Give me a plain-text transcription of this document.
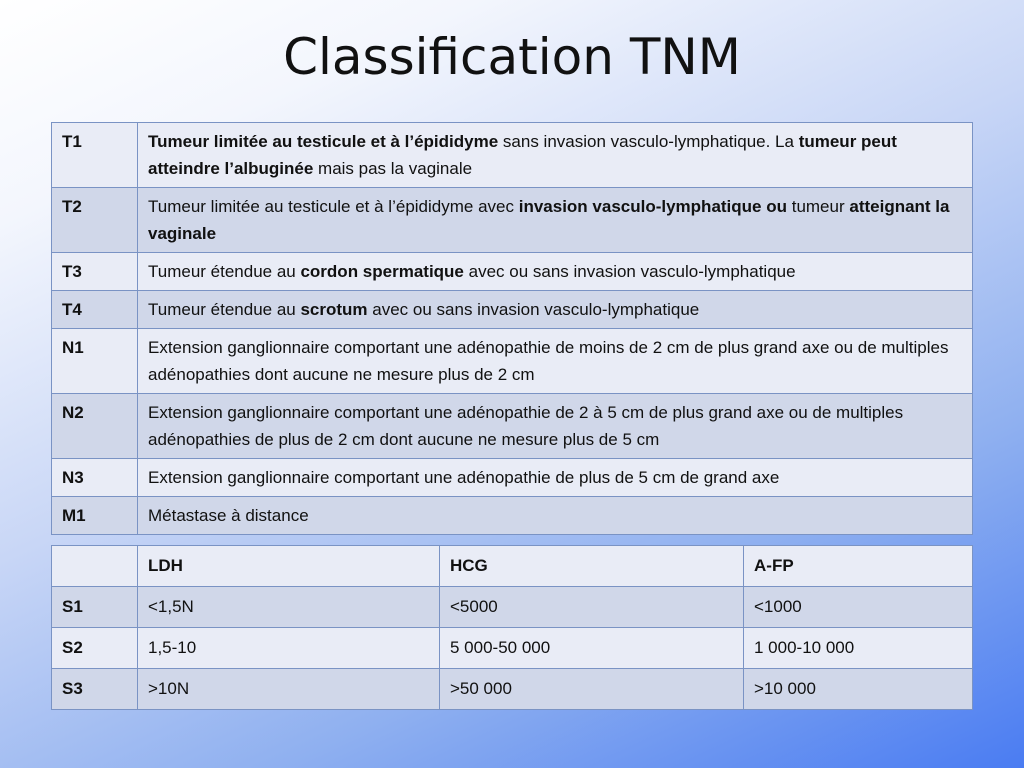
Classification TNM
T1	Tumeur limitée au testicule et à l’épididyme sans invasion vasculo-lymphatique. La tumeur peut atteindre l’albuginée mais pas la vaginale
T2	Tumeur limitée au testicule et à l’épididyme avec invasion vasculo-lymphatique ou tumeur atteignant la vaginale
T3	Tumeur étendue au cordon spermatique avec ou sans invasion vasculo-lymphatique
T4	Tumeur étendue au scrotum avec ou sans invasion vasculo-lymphatique
N1	Extension ganglionnaire comportant une adénopathie de moins de 2 cm de plus grand axe ou de multiples adénopathies dont aucune ne mesure plus de 2 cm
N2	Extension ganglionnaire comportant une adénopathie de 2 à 5 cm de plus grand axe ou de multiples adénopathies de plus de 2 cm dont aucune ne mesure plus de 5 cm
N3	Extension ganglionnaire comportant une adénopathie de plus de 5 cm de grand axe
M1	Métastase à distance
	LDH	HCG	A-FP
S1	<1,5N	<5000	<1000
S2	1,5-10	5 000-50 000	1 000-10 000
S3	>10N	>50 000	>10 000
